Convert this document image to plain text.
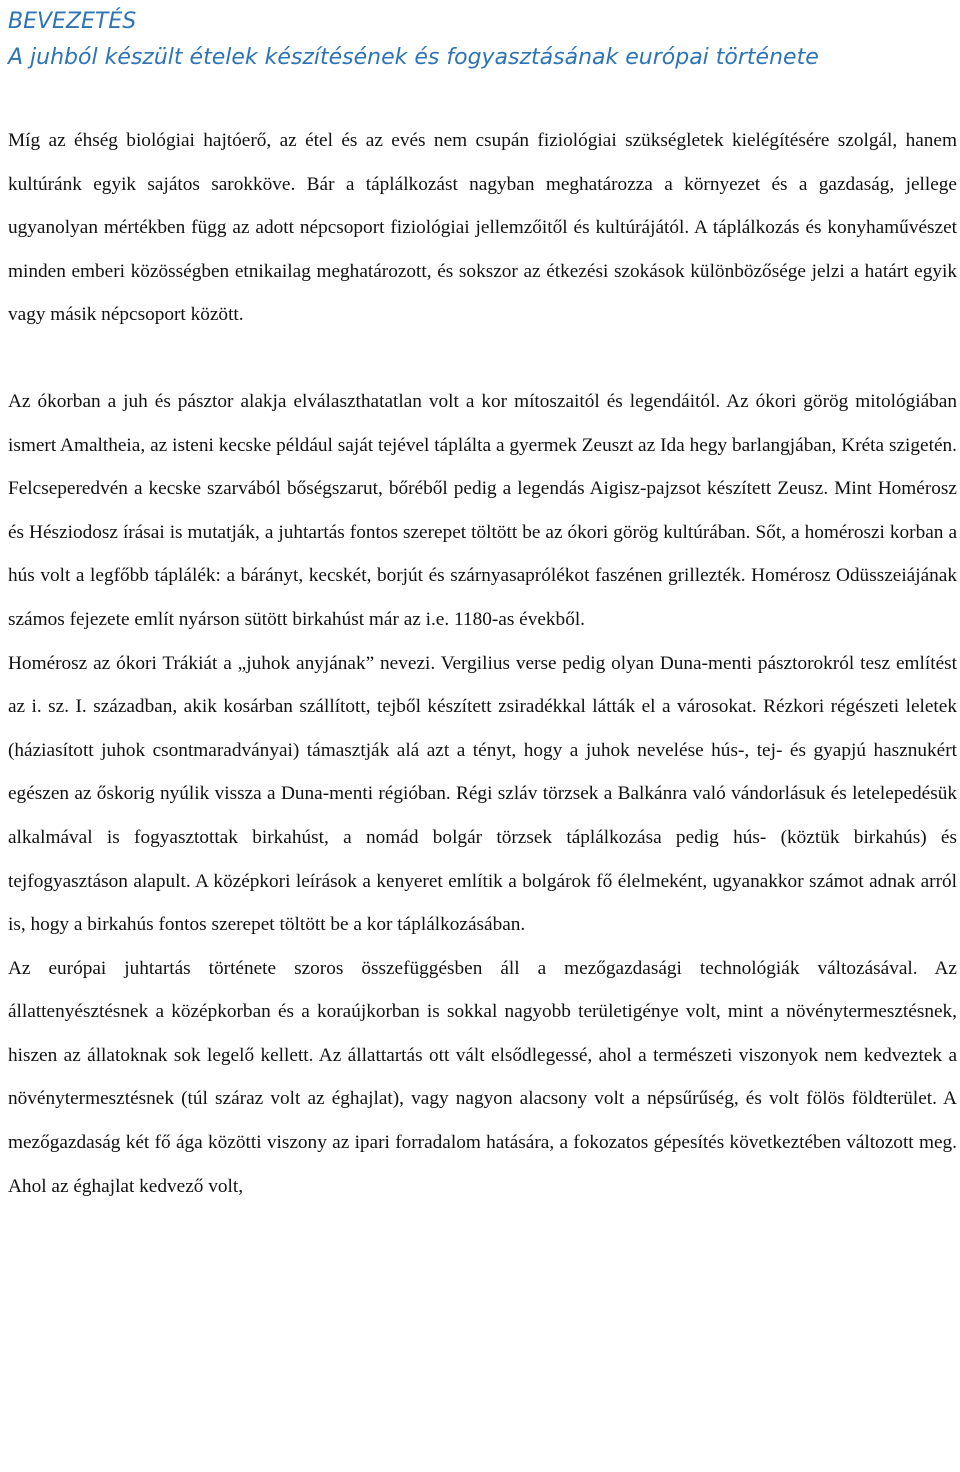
BEVEZETÉS
A juhból készült ételek készítésének és fogyasztásának európai története

Míg az éhség biológiai hajtóerő, az étel és az evés nem csupán fiziológiai szükségletek kielégítésére szolgál, hanem kultúránk egyik sajátos sarokköve. Bár a táplálkozást nagyban meghatározza a környezet és a gazdaság, jellege ugyanolyan mértékben függ az adott népcsoport fiziológiai jellemzőitől és kultúrájától. A táplálkozás és konyhaművészet minden emberi közösségben etnikailag meghatározott, és sokszor az étkezési szokások különbözősége jelzi a határt egyik vagy másik népcsoport között.

Az ókorban a juh és pásztor alakja elválaszthatatlan volt a kor mítoszaitól és legendáitól. Az ókori görög mitológiában ismert Amaltheia, az isteni kecske például saját tejével táplálta a gyermek Zeuszt az Ida hegy barlangjában, Kréta szigetén. Felcseperedvén a kecske szarvából bőségszarut, bőréből pedig a legendás Aigisz-pajzsot készített Zeusz. Mint Homérosz és Hésziodosz írásai is mutatják, a juhtartás fontos szerepet töltött be az ókori görög kultúrában. Sőt, a homéroszi korban a hús volt a legfőbb táplálék: a bárányt, kecskét, borjút és szárnyasaprólékot faszénen grillezték. Homérosz Odüsszeiájának számos fejezete említ nyárson sütött birkahúst már az i.e. 1180-as évekből.

Homérosz az ókori Trákiát a „juhok anyjának” nevezi. Vergilius verse pedig olyan Duna-menti pásztorokról tesz említést az i. sz. I. században, akik kosárban szállított, tejből készített zsiradékkal látták el a városokat. Rézkori régészeti leletek (háziasított juhok csontmaradványai) támasztják alá azt a tényt, hogy a juhok nevelése hús-, tej- és gyapjú hasznukért egészen az őskorig nyúlik vissza a Duna-menti régióban. Régi szláv törzsek a Balkánra való vándorlásuk és letelepedésük alkalmával is fogyasztottak birkahúst, a nomád bolgár törzsek táplálkozása pedig hús- (köztük birkahús) és tejfogyasztáson alapult. A középkori leírások a kenyeret említik a bolgárok fő élelmeként, ugyanakkor számot adnak arról is, hogy a birkahús fontos szerepet töltött be a kor táplálkozásában.

Az európai juhtartás története szoros összefüggésben áll a mezőgazdasági technológiák változásával. Az állattenyésztésnek a középkorban és a koraújkorban is sokkal nagyobb területigénye volt, mint a növénytermesztésnek, hiszen az állatoknak sok legelő kellett. Az állattartás ott vált elsődlegessé, ahol a természeti viszonyok nem kedveztek a növénytermesztésnek (túl száraz volt az éghajlat), vagy nagyon alacsony volt a népsűrűség, és volt fölös földterület. A mezőgazdaság két fő ága közötti viszony az ipari forradalom hatására, a fokozatos gépesítés következtében változott meg. Ahol az éghajlat kedvező volt,
